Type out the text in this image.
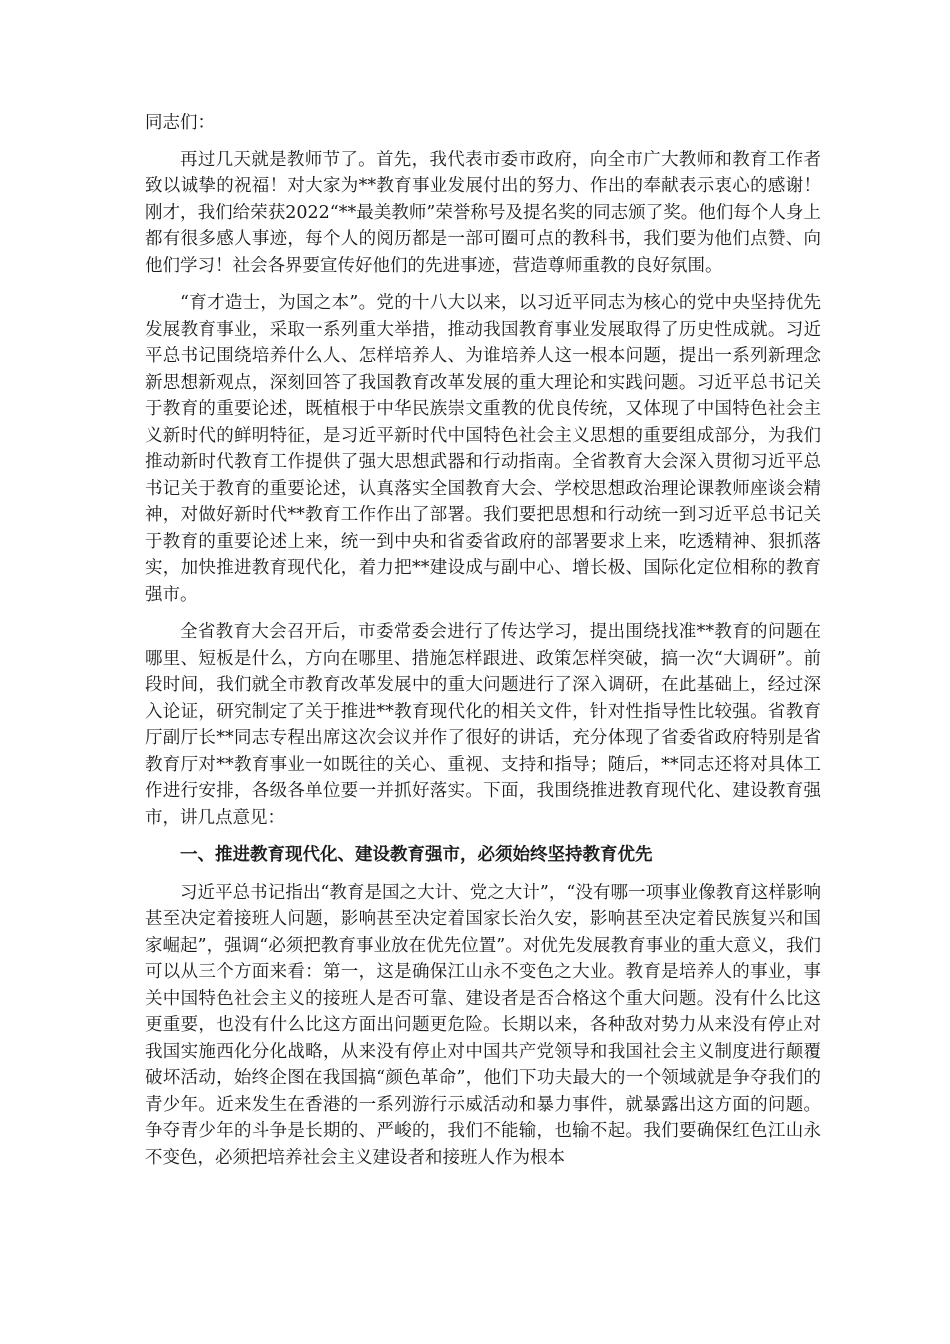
同志们：

再过几天就是教师节了。首先，我代表市委市政府，向全市广大教师和教育工作者致以诚挚的祝福！对大家为**教育事业发展付出的努力、作出的奉献表示衷心的感谢！刚才，我们给荣获2022“**最美教师”荣誉称号及提名奖的同志颁了奖。他们每个人身上都有很多感人事迹，每个人的阅历都是一部可圈可点的教科书，我们要为他们点赞、向他们学习！社会各界要宣传好他们的先进事迹，营造尊师重教的良好氛围。

“育才造士，为国之本”。党的十八大以来，以习近平同志为核心的党中央坚持优先发展教育事业，采取一系列重大举措，推动我国教育事业发展取得了历史性成就。习近平总书记围绕培养什么人、怎样培养人、为谁培养人这一根本问题，提出一系列新理念新思想新观点，深刻回答了我国教育改革发展的重大理论和实践问题。习近平总书记关于教育的重要论述，既植根于中华民族崇文重教的优良传统，又体现了中国特色社会主义新时代的鲜明特征，是习近平新时代中国特色社会主义思想的重要组成部分，为我们推动新时代教育工作提供了强大思想武器和行动指南。全省教育大会深入贯彻习近平总书记关于教育的重要论述，认真落实全国教育大会、学校思想政治理论课教师座谈会精神，对做好新时代**教育工作作出了部署。我们要把思想和行动统一到习近平总书记关于教育的重要论述上来，统一到中央和省委省政府的部署要求上来，吃透精神、狠抓落实，加快推进教育现代化，着力把**建设成与副中心、增长极、国际化定位相称的教育强市。

全省教育大会召开后，市委常委会进行了传达学习，提出围绕找准**教育的问题在哪里、短板是什么，方向在哪里、措施怎样跟进、政策怎样突破，搞一次“大调研”。前段时间，我们就全市教育改革发展中的重大问题进行了深入调研，在此基础上，经过深入论证，研究制定了关于推进**教育现代化的相关文件，针对性指导性比较强。省教育厅副厅长**同志专程出席这次会议并作了很好的讲话，充分体现了省委省政府特别是省教育厅对**教育事业一如既往的关心、重视、支持和指导；随后，**同志还将对具体工作进行安排，各级各单位要一并抓好落实。下面，我围绕推进教育现代化、建设教育强市，讲几点意见：

一、推进教育现代化、建设教育强市，必须始终坚持教育优先

习近平总书记指出“教育是国之大计、党之大计”，“没有哪一项事业像教育这样影响甚至决定着接班人问题，影响甚至决定着国家长治久安，影响甚至决定着民族复兴和国家崛起”，强调“必须把教育事业放在优先位置”。对优先发展教育事业的重大意义，我们可以从三个方面来看：第一，这是确保江山永不变色之大业。教育是培养人的事业，事关中国特色社会主义的接班人是否可靠、建设者是否合格这个重大问题。没有什么比这更重要，也没有什么比这方面出问题更危险。长期以来，各种敌对势力从来没有停止对我国实施西化分化战略，从来没有停止对中国共产党领导和我国社会主义制度进行颠覆破坏活动，始终企图在我国搞“颜色革命”，他们下功夫最大的一个领域就是争夺我们的青少年。近来发生在香港的一系列游行示威活动和暴力事件，就暴露出这方面的问题。争夺青少年的斗争是长期的、严峻的，我们不能输，也输不起。我们要确保红色江山永不变色，必须把培养社会主义建设者和接班人作为根本
